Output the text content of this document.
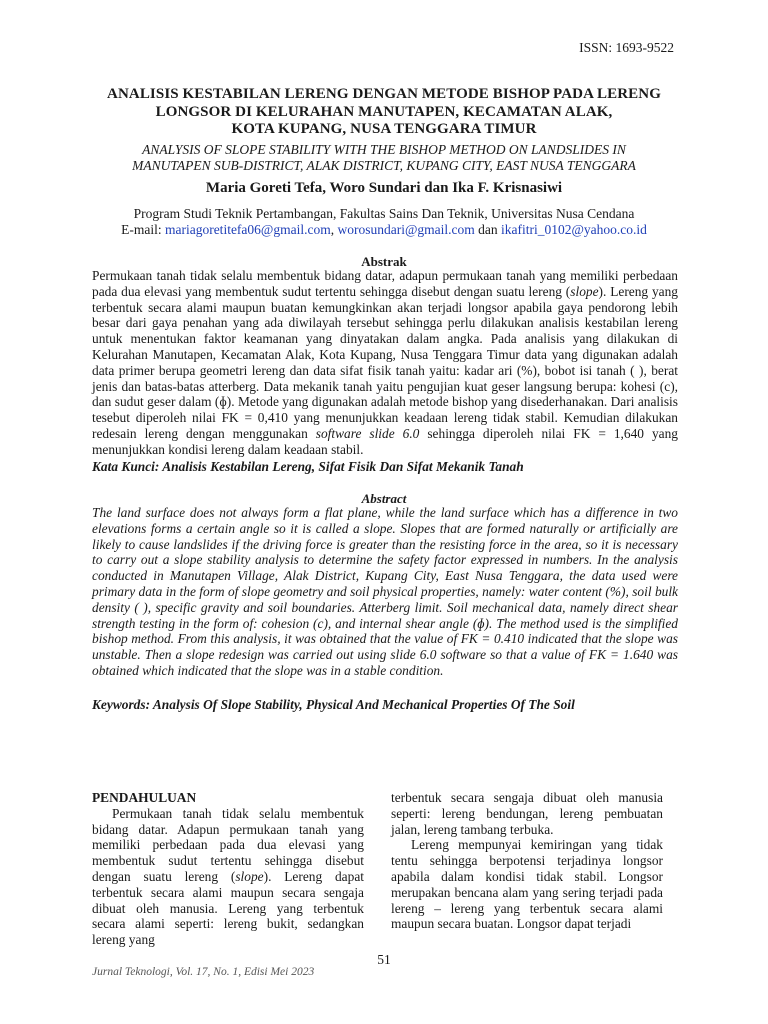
ISSN: 1693-9522
ANALISIS KESTABILAN LERENG DENGAN METODE BISHOP PADA LERENG
LONGSOR DI KELURAHAN MANUTAPEN, KECAMATAN ALAK,
KOTA KUPANG, NUSA TENGGARA TIMUR
ANALYSIS OF SLOPE STABILITY WITH THE BISHOP METHOD ON LANDSLIDES IN
MANUTAPEN SUB-DISTRICT, ALAK DISTRICT, KUPANG CITY, EAST NUSA TENGGARA
Maria Goreti Tefa, Woro Sundari dan Ika F. Krisnasiwi
Program Studi Teknik Pertambangan, Fakultas Sains Dan Teknik, Universitas Nusa Cendana
E-mail: mariagoretitefa06@gmail.com, worosundari@gmail.com dan ikafitri_0102@yahoo.co.id
Abstrak
Permukaan tanah tidak selalu membentuk bidang datar, adapun permukaan tanah yang memiliki perbedaan pada dua elevasi yang membentuk sudut tertentu sehingga disebut dengan suatu lereng (slope). Lereng yang terbentuk secara alami maupun buatan kemungkinkan akan terjadi longsor apabila gaya pendorong lebih besar dari gaya penahan yang ada diwilayah tersebut sehingga perlu dilakukan analisis kestabilan lereng untuk menentukan faktor keamanan yang dinyatakan dalam angka. Pada analisis yang dilakukan di Kelurahan Manutapen, Kecamatan Alak, Kota Kupang, Nusa Tenggara Timur data yang digunakan adalah data primer berupa geometri lereng dan data sifat fisik tanah yaitu: kadar ari (%), bobot isi tanah ( ), berat jenis dan batas-batas atterberg. Data mekanik tanah yaitu pengujian kuat geser langsung berupa: kohesi (c), dan sudut geser dalam (ɸ). Metode yang digunakan adalah metode bishop yang disederhanakan. Dari analisis tesebut diperoleh nilai FK = 0,410 yang menunjukkan keadaan lereng tidak stabil. Kemudian dilakukan redesain lereng dengan menggunakan software slide 6.0 sehingga diperoleh nilai FK = 1,640 yang menunjukkan kondisi lereng dalam keadaan stabil.
Kata Kunci: Analisis Kestabilan Lereng, Sifat Fisik Dan Sifat Mekanik Tanah
Abstract
The land surface does not always form a flat plane, while the land surface which has a difference in two elevations forms a certain angle so it is called a slope. Slopes that are formed naturally or artificially are likely to cause landslides if the driving force is greater than the resisting force in the area, so it is necessary to carry out a slope stability analysis to determine the safety factor expressed in numbers. In the analysis conducted in Manutapen Village, Alak District, Kupang City, East Nusa Tenggara, the data used were primary data in the form of slope geometry and soil physical properties, namely: water content (%), soil bulk density ( ), specific gravity and soil boundaries. Atterberg limit. Soil mechanical data, namely direct shear strength testing in the form of: cohesion (c), and internal shear angle (ɸ). The method used is the simplified bishop method. From this analysis, it was obtained that the value of FK = 0.410 indicated that the slope was unstable. Then a slope redesign was carried out using slide 6.0 software so that a value of FK = 1.640 was obtained which indicated that the slope was in a stable condition.
Keywords: Analysis Of Slope Stability, Physical And Mechanical Properties Of The Soil
PENDAHULUAN

Permukaan tanah tidak selalu membentuk bidang datar. Adapun permukaan tanah yang memiliki perbedaan pada dua elevasi yang membentuk sudut tertentu sehingga disebut dengan suatu lereng (slope). Lereng dapat terbentuk secara alami maupun secara sengaja dibuat oleh manusia. Lereng yang terbentuk secara alami seperti: lereng bukit, sedangkan lereng yang

terbentuk secara sengaja dibuat oleh manusia seperti: lereng bendungan, lereng pembuatan jalan, lereng tambang terbuka.

Lereng mempunyai kemiringan yang tidak tentu sehingga berpotensi terjadinya longsor apabila dalam kondisi tidak stabil. Longsor merupakan bencana alam yang sering terjadi pada lereng – lereng yang terbentuk secara alami maupun secara buatan. Longsor dapat terjadi

51
Jurnal Teknologi, Vol. 17, No. 1, Edisi Mei 2023
